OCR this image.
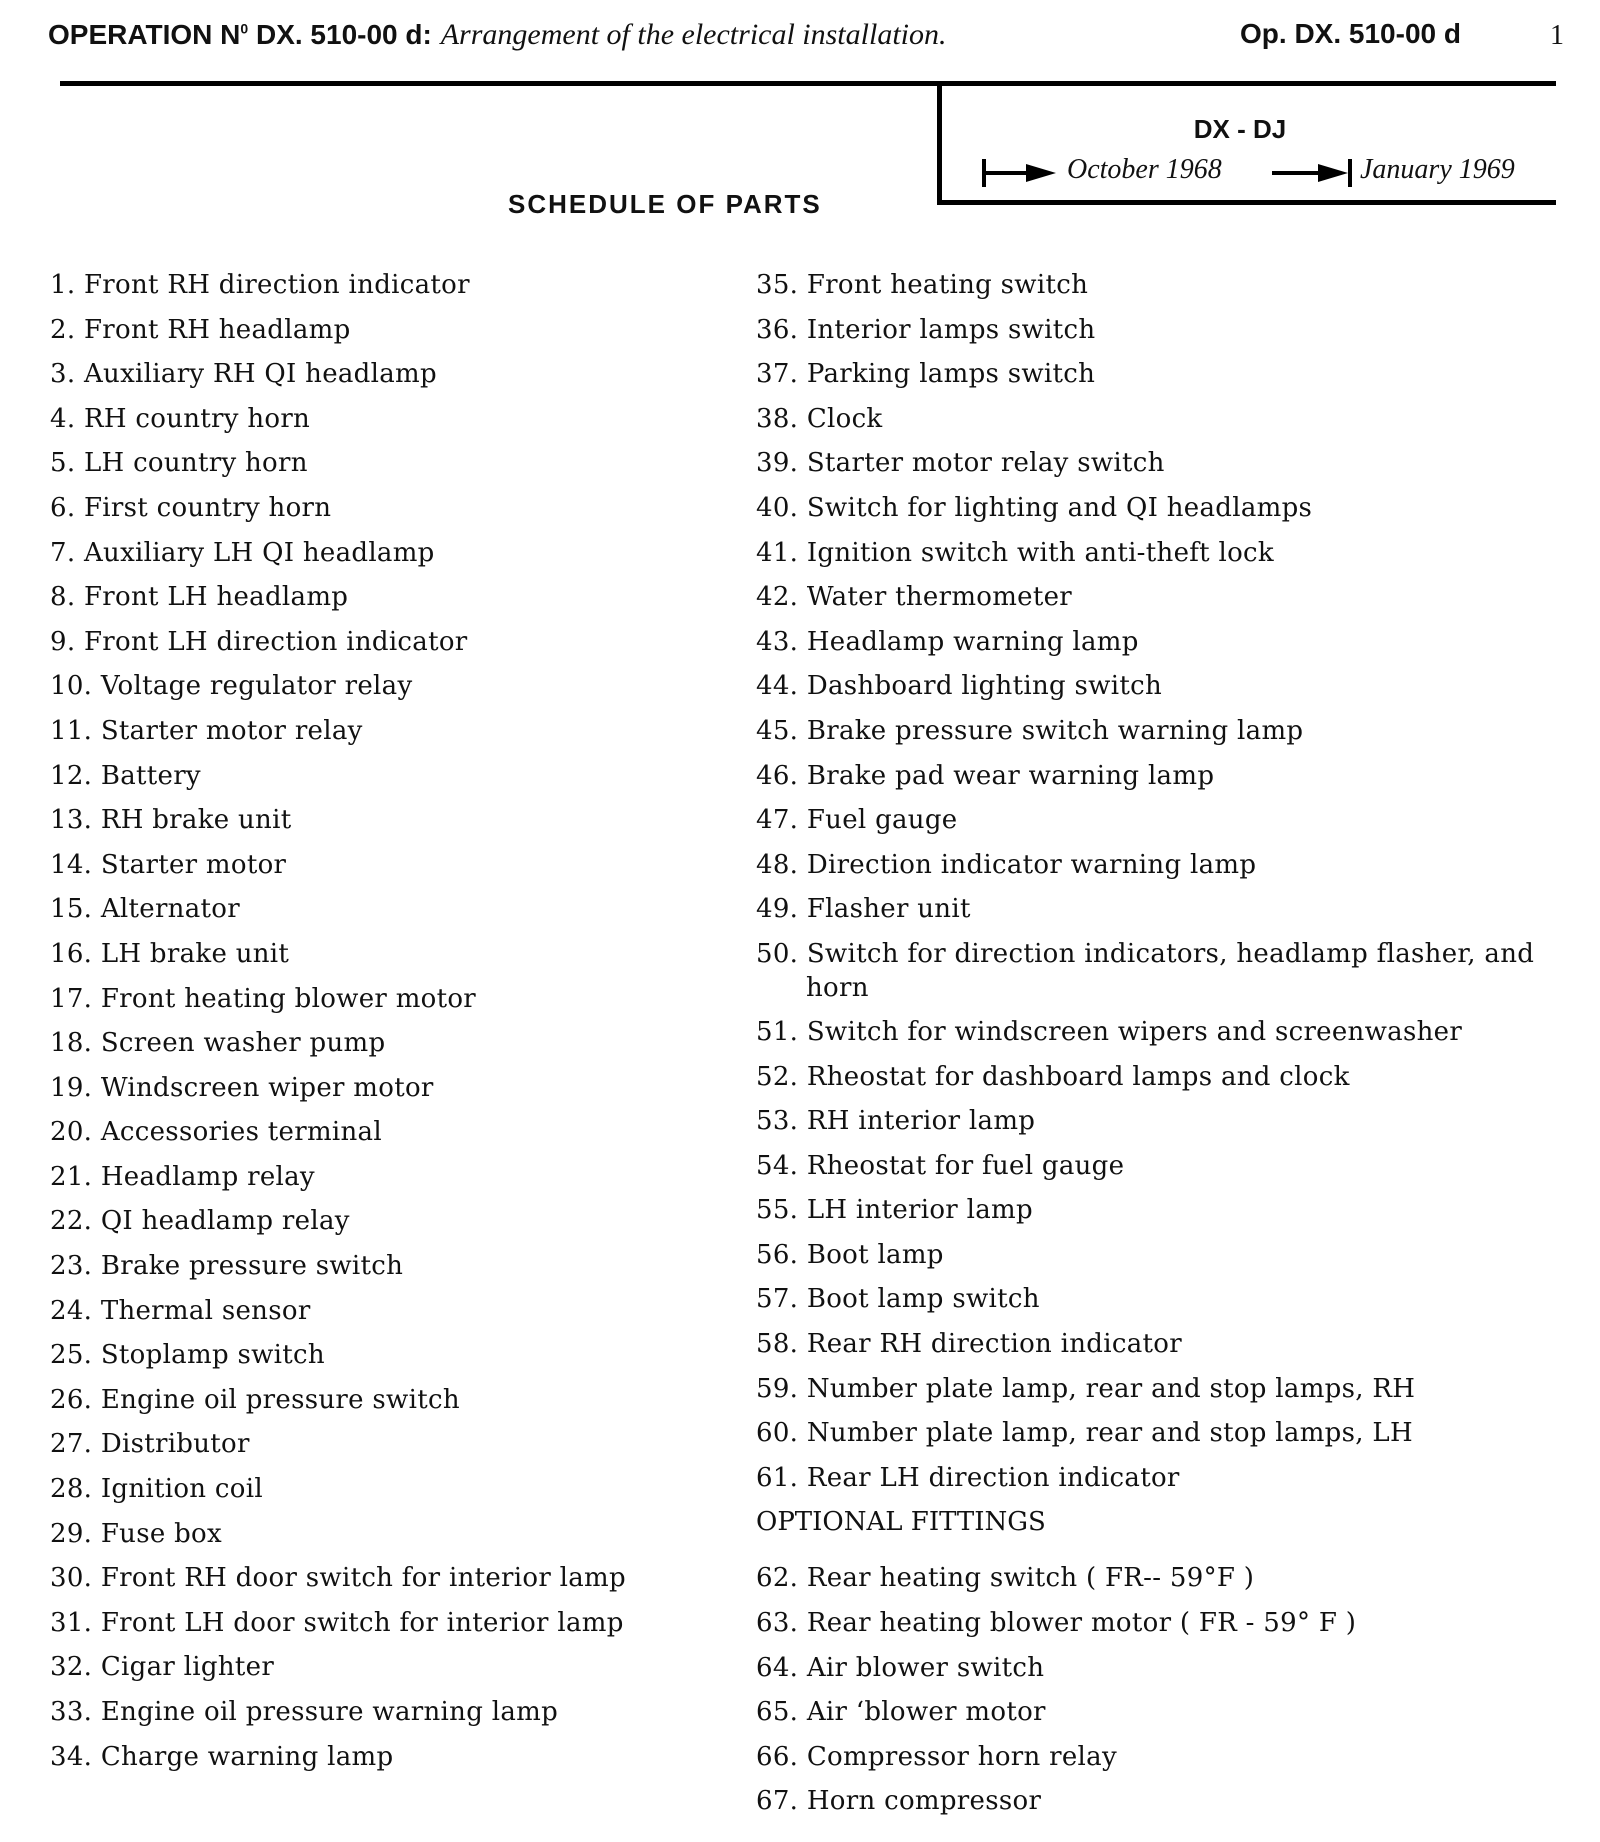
OPERATION $N^0$ DX. 510-00 d: Arrangement of the electrical installation.	Op. DX. 510-00 d	1
DX - DJ
October 1968	January 1969
SCHEDULE OF PARTS
1. Front RH direction indicator
2. Front RH headlamp
3. Auxiliary RH QI headlamp
4. RH country horn
5. LH country horn
6. First country horn
7. Auxiliary LH QI headlamp
8. Front LH headlamp
9. Front LH direction indicator
10. Voltage regulator relay
11. Starter motor relay
12. Battery
13. RH brake unit
14. Starter motor
15. Alternator
16. LH brake unit
17. Front heating blower motor
18. Screen washer pump
19. Windscreen wiper motor
20. Accessories terminal
21. Headlamp relay
22. QI headlamp relay
23. Brake pressure switch
24. Thermal sensor
25. Stoplamp switch
26. Engine oil pressure switch
27. Distributor
28. Ignition coil
29. Fuse box
30. Front RH door switch for interior lamp
31. Front LH door switch for interior lamp
32. Cigar lighter
33. Engine oil pressure warning lamp
34. Charge warning lamp
35. Front heating switch
36. Interior lamps switch
37. Parking lamps switch
38. Clock
39. Starter motor relay switch
40. Switch for lighting and QI headlamps
41. Ignition switch with anti-theft lock
42. Water thermometer
43. Headlamp warning lamp
44. Dashboard lighting switch
45. Brake pressure switch warning lamp
46. Brake pad wear warning lamp
47. Fuel gauge
48. Direction indicator warning lamp
49. Flasher unit
50. Switch for direction indicators, headlamp flasher, and horn
51. Switch for windscreen wipers and screenwasher
52. Rheostat for dashboard lamps and clock
53. RH interior lamp
54. Rheostat for fuel gauge
55. LH interior lamp
56. Boot lamp
57. Boot lamp switch
58. Rear RH direction indicator
59. Number plate lamp, rear and stop lamps, RH
60. Number plate lamp, rear and stop lamps, LH
61. Rear LH direction indicator
OPTIONAL FITTINGS
62. Rear heating switch ( FR-- 59°F )
63. Rear heating blower motor ( FR - 59° F )
64. Air blower switch
65. Air ‘blower motor
66. Compressor horn relay
67. Horn compressor
